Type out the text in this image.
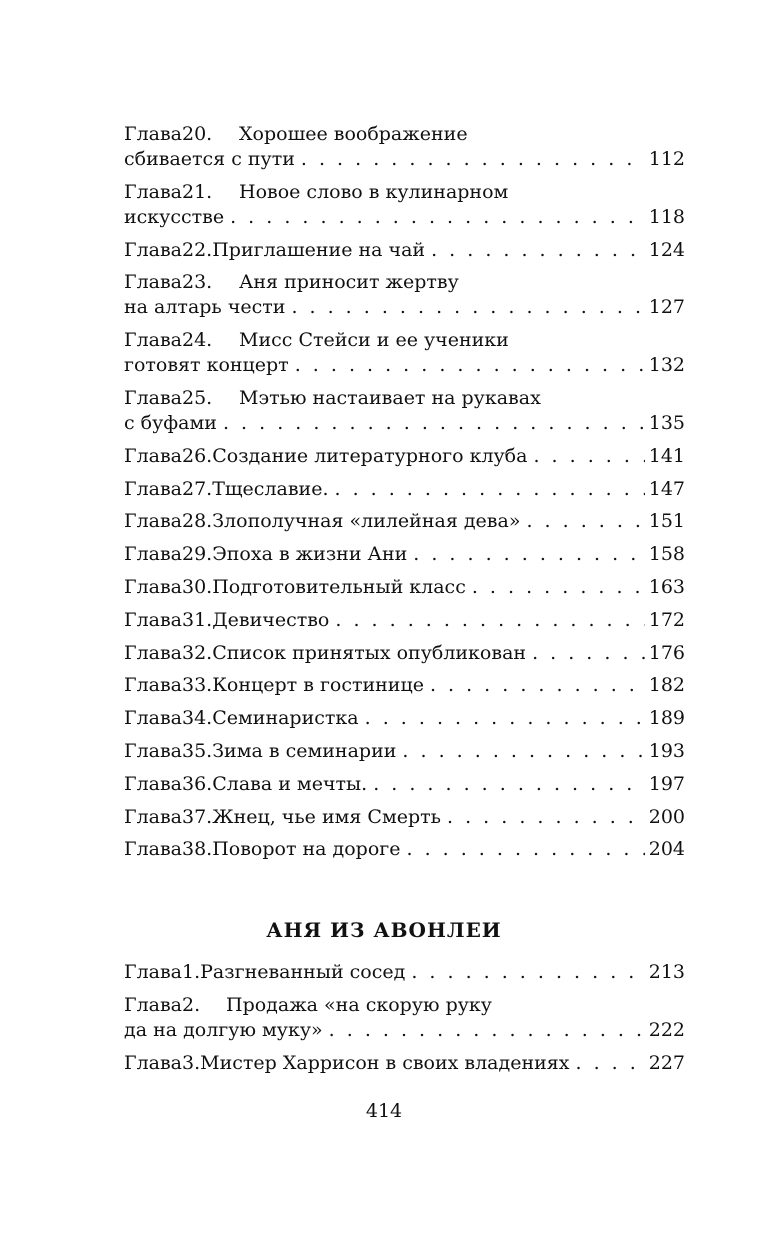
Глава 20.	Хорошее воображение
сбивается с пути . . .	112
Глава 21.	Новое слово в кулинарном
искусстве . . .	118
Глава 22. Приглашение на чай . . .	124
Глава 23.	Аня приносит жертву
на алтарь чести . . .	127
Глава 24.	Мисс Стейси и ее ученики
готовят концерт . . .	132
Глава 25.	Мэтью настаивает на рукавах
с буфами . . .	135
Глава 26. Создание литературного клуба . . .	141
Глава 27. Тщеславие. . . .	147
Глава 28. Злополучная «лилейная дева» . . .	151
Глава 29. Эпоха в жизни Ани . . .	158
Глава 30. Подготовительный класс . . .	163
Глава 31. Девичество . . .	172
Глава 32. Список принятых опубликован . . .	176
Глава 33. Концерт в гостинице . . .	182
Глава 34. Семинаристка . . .	189
Глава 35. Зима в семинарии . . .	193
Глава 36. Слава и мечты. . . .	197
Глава 37. Жнец, чье имя Смерть . . .	200
Глава 38. Поворот на дороге . . .	204
АНЯ ИЗ АВОНЛЕИ
Глава 1. Разгневанный сосед . . .	213
Глава 2.	Продажа «на скорую руку
да на долгую муку» . . .	222
Глава 3. Мистер Харрисон в своих владениях . . .	227
414
